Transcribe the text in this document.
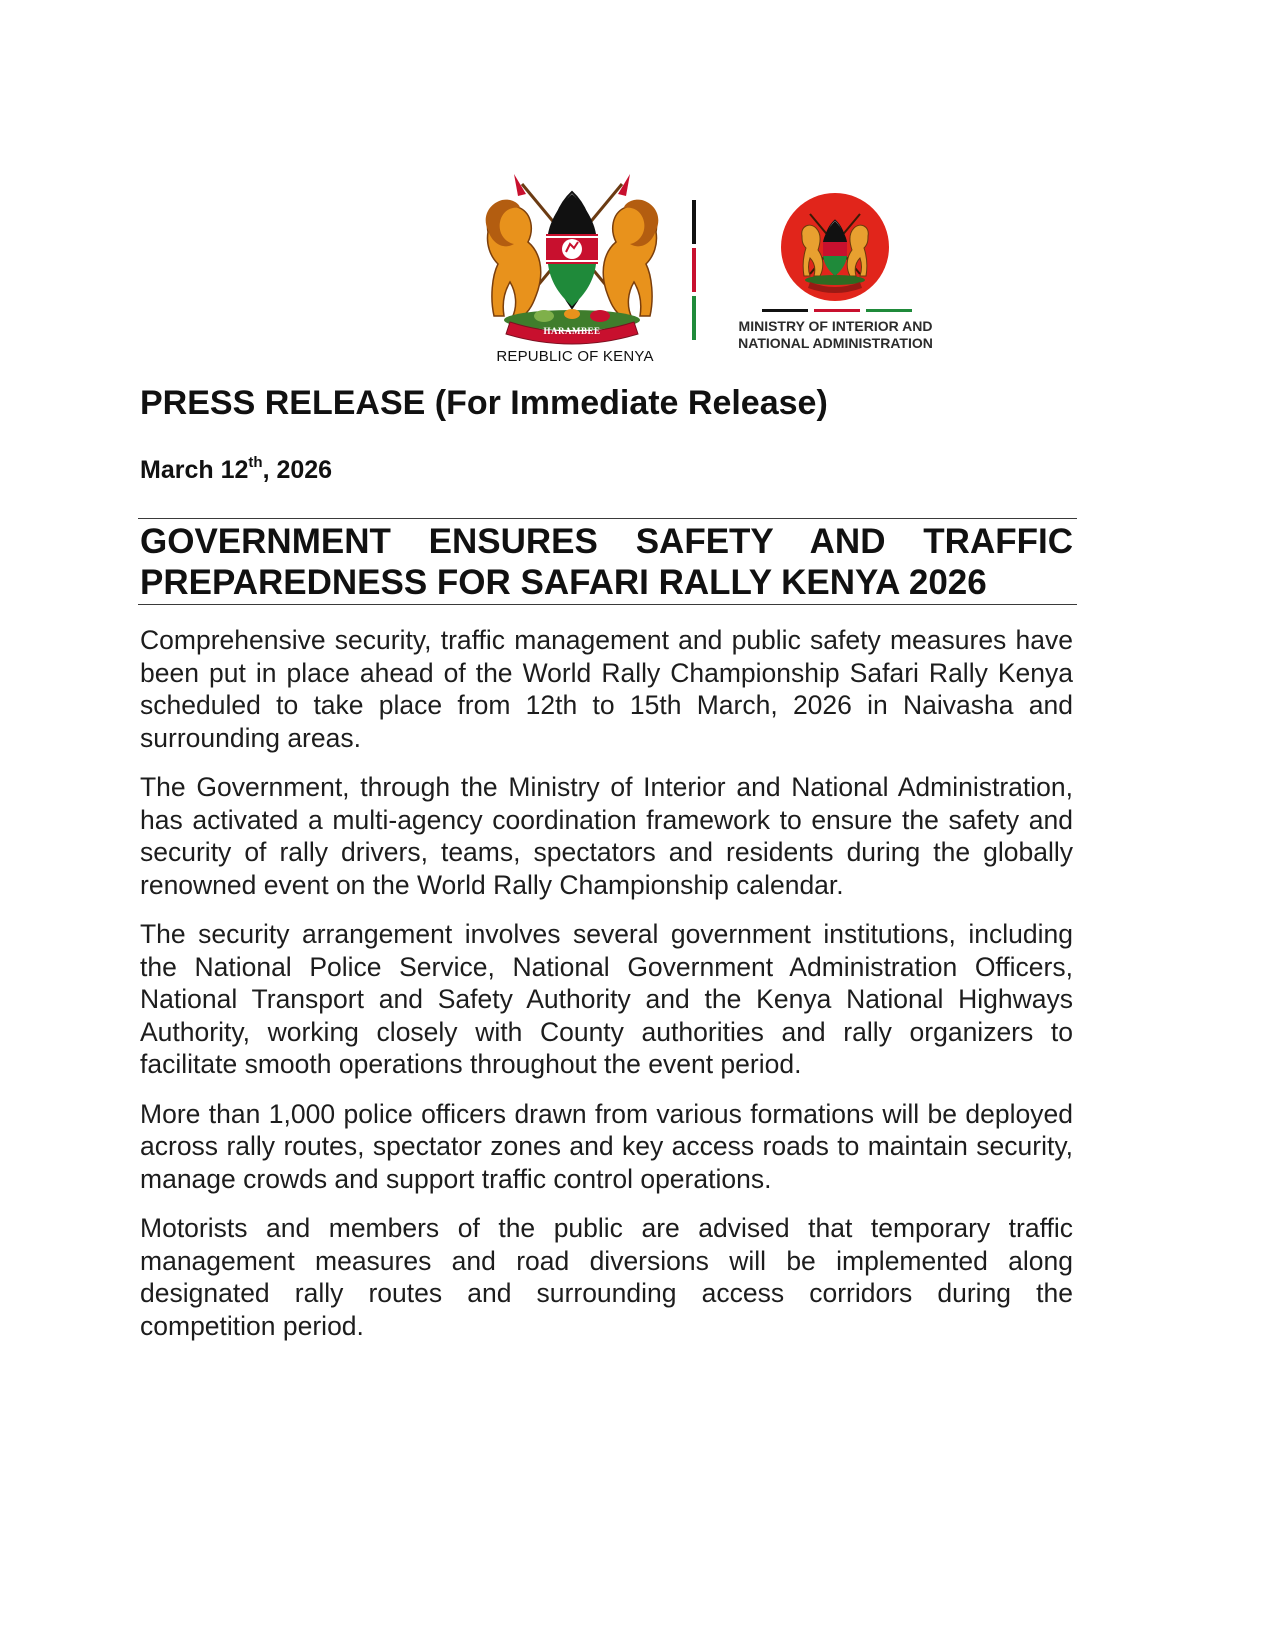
HARAMBEE
REPUBLIC OF KENYA
MINISTRY OF INTERIOR AND
NATIONAL ADMINISTRATION
PRESS RELEASE (For Immediate Release)
March 12th, 2026
GOVERNMENT ENSURES SAFETY AND TRAFFIC PREPAREDNESS FOR SAFARI RALLY KENYA 2026

Comprehensive security, traffic management and public safety measures have been put in place ahead of the World Rally Championship Safari Rally Kenya scheduled to take place from 12th to 15th March, 2026 in Naivasha and surrounding areas.

The Government, through the Ministry of Interior and National Administration, has activated a multi-agency coordination framework to ensure the safety and security of rally drivers, teams, spectators and residents during the globally renowned event on the World Rally Championship calendar.

The security arrangement involves several government institutions, including the National Police Service, National Government Administration Officers, National Transport and Safety Authority and the Kenya National Highways Authority, working closely with County authorities and rally organizers to facilitate smooth operations throughout the event period.

More than 1,000 police officers drawn from various formations will be deployed across rally routes, spectator zones and key access roads to maintain security, manage crowds and support traffic control operations.

Motorists and members of the public are advised that temporary traffic management measures and road diversions will be implemented along designated rally routes and surrounding access corridors during the competition period.
